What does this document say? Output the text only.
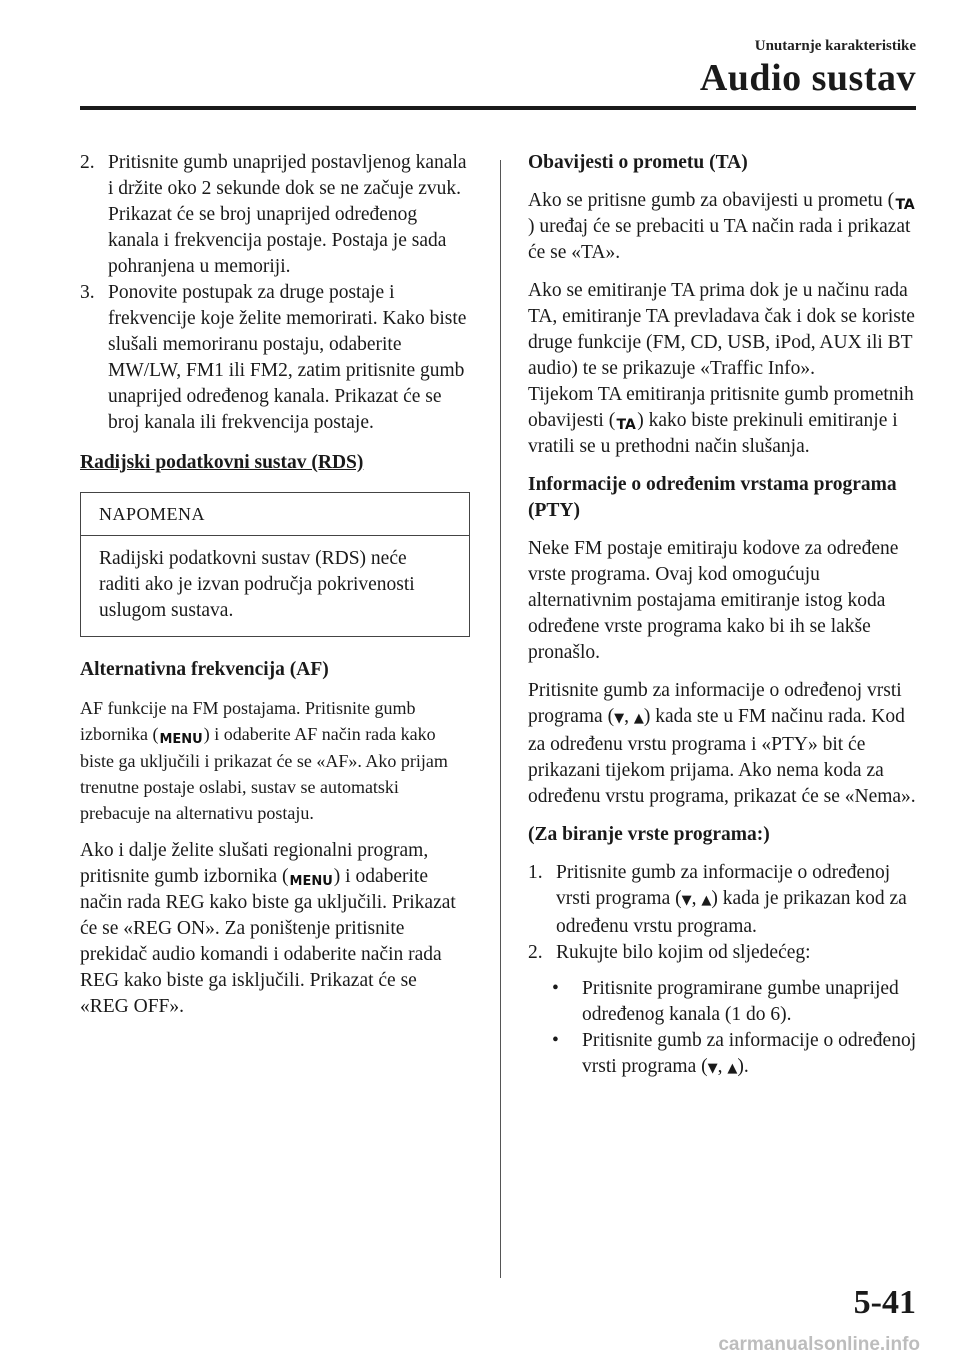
Unutarnje karakteristike
Audio sustav
2. Pritisnite gumb unaprijed postavljenog kanala i držite oko 2 sekunde dok se ne začuje zvuk. Prikazat će se broj unaprijed određenog kanala i frekvencija postaje. Postaja je sada pohranjena u memoriji.
3. Ponovite postupak za druge postaje i frekvencije koje želite memorirati. Kako biste slušali memoriranu postaju, odaberite MW/LW, FM1 ili FM2, zatim pritisnite gumb unaprijed određenog kanala. Prikazat će se broj kanala ili frekvencija postaje.
Radijski podatkovni sustav (RDS)
NAPOMENA
Radijski podatkovni sustav (RDS) neće raditi ako je izvan područja pokrivenosti uslugom sustava.
Alternativna frekvencija (AF)

AF funkcije na FM postajama. Pritisnite gumb izbornika (MENU) i odaberite AF način rada kako biste ga uključili i prikazat će se «AF». Ako prijam trenutne postaje oslabi, sustav se automatski prebacuje na alternativu postaju.

Ako i dalje želite slušati regionalni program, pritisnite gumb izbornika (MENU) i odaberite način rada REG kako biste ga uključili. Prikazat će se «REG ON». Za poništenje pritisnite prekidač audio komandi i odaberite način rada REG kako biste ga isključili. Prikazat će se «REG OFF».

Obavijesti o prometu (TA)

Ako se pritisne gumb za obavijesti u prometu (TA) uređaj će se prebaciti u TA način rada i prikazat će se «TA».

Ako se emitiranje TA prima dok je u načinu rada TA, emitiranje TA prevladava čak i dok se koriste druge funkcije (FM, CD, USB, iPod, AUX ili BT audio) te se prikazuje «Traffic Info».

Tijekom TA emitiranja pritisnite gumb prometnih obavijesti (TA) kako biste prekinuli emitiranje i vratili se u prethodni način slušanja.

Informacije o određenim vrstama programa (PTY)

Neke FM postaje emitiraju kodove za određene vrste programa. Ovaj kod omogućuju alternativnim postajama emitiranje istog koda određene vrste programa kako bi ih se lakše pronašlo.

Pritisnite gumb za informacije o određenoj vrsti programa (▼, ▲) kada ste u FM načinu rada. Kod za određenu vrstu programa i «PTY» bit će prikazani tijekom prijama. Ako nema koda za određenu vrstu programa, prikazat će se «Nema».

(Za biranje vrste programa:)
1. Pritisnite gumb za informacije o određenoj vrsti programa (▼, ▲) kada je prikazan kod za određenu vrstu programa.
2. Rukujte bilo kojim od sljedećeg:
•	Pritisnite programirane gumbe unaprijed određenog kanala (1 do 6).
•	Pritisnite gumb za informacije o određenoj vrsti programa (▼, ▲).
5-41
carmanualsonline.info
